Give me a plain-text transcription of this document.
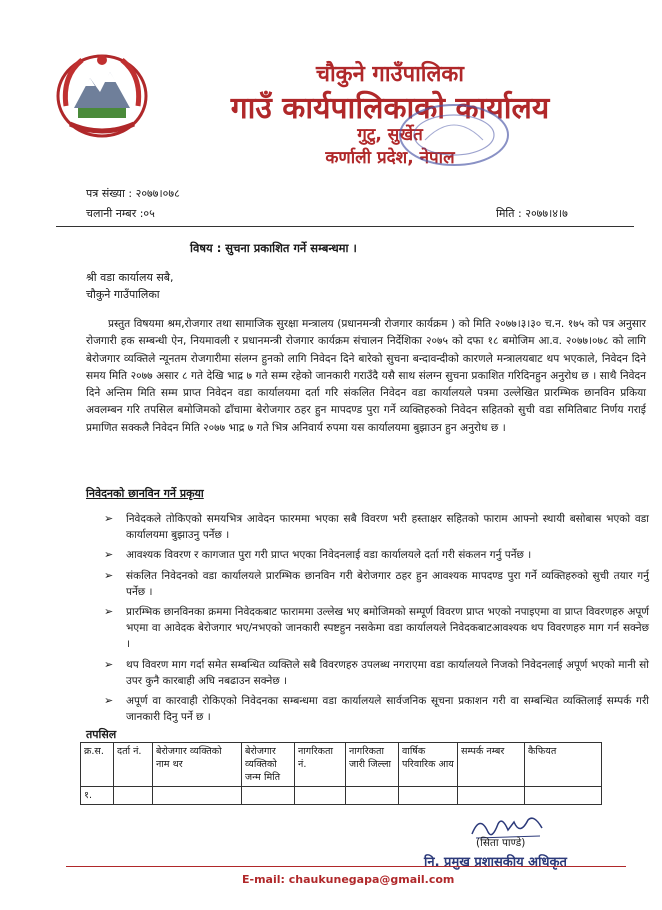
चौकुने गाउँपालिका
गाउँ कार्यपालिकाको कार्यालय
गुटु, सुर्खेत
कर्णाली प्रदेश, नेपाल
पत्र संख्या : २०७७।०७८
चलानी नम्बर :०५	मिति : २०७७।४।७
विषय : सुचना प्रकाशित गर्ने सम्बन्धमा ।
श्री वडा कार्यालय सबै,
चौकुने गाउँपालिका
प्रस्तुत विषयमा श्रम,रोजगार तथा सामाजिक सुरक्षा मन्त्रालय (प्रधानमन्त्री रोजगार कार्यक्रम ) को मिति २०७७।३।३० च.न. १७५ को पत्र अनुसार रोजगारी हक सम्बन्धी ऐन, नियमावली र प्रधानमन्त्री रोजगार कार्यक्रम संचालन निर्देशिका २०७५ को दफा १८ बमोजिम आ.व. २०७७।०७८ को लागि बेरोजगार व्यक्तिले न्यूनतम रोजगारीमा संलग्न हुनको लागि निवेदन दिने बारेको सुचना बन्दावन्दीको कारणले मन्त्रालयबाट थप भएकाले, निवेदन दिने समय मिति २०७७ असार ८ गते देखि भाद्र ७ गते सम्म रहेको जानकारी गराउँदै यसै साथ संलग्न सुचना प्रकाशित गरिदिनहुन अनुरोध छ । साथै निवेदन दिने अन्तिम मिति सम्म प्राप्त निवेदन वडा कार्यालयमा दर्ता गरि संकलित निवेदन वडा कार्यालयले पत्रमा उल्लेखित प्रारम्भिक छानविन प्रकिया अवलम्बन गरि तपसिल बमोजिमको ढाँचामा बेरोजगार ठहर हुन मापदण्ड पुरा गर्ने व्यक्तिहरुको निवेदन सहितको सुची वडा समितिबाट निर्णय गराई प्रमाणित सक्कलै निवेदन मिति २०७७ भाद्र ७ गते भित्र अनिवार्य रुपमा यस कार्यालयमा बुझाउन हुन अनुरोध छ ।
निवेदनको छानविन गर्ने प्रकृया
➢ निवेदकले तोकिएको समयभित्र आवेदन फारममा भएका सबै विवरण भरी हस्ताक्षर सहितको फाराम आफ्नो स्थायी बसोबास भएको वडा कार्यालयमा बुझाउनु पर्नेछ ।
➢ आवश्यक विवरण र कागजात पुरा गरी प्राप्त भएका निवेदनलाई वडा कार्यालयले दर्ता गरी संकलन गर्नु पर्नेछ ।
➢ संकलित निवेदनको वडा कार्यालयले प्रारम्भिक छानविन गरी बेरोजगार ठहर हुन आवश्यक मापदण्ड पुरा गर्ने व्यक्तिहरुको सुची तयार गर्नु पर्नेछ ।
➢ प्रारम्भिक छानविनका क्रममा निवेदकबाट फाराममा उल्लेख भए बमोजिमको सम्पूर्ण विवरण प्राप्त भएको नपाइएमा वा प्राप्त विवरणहरु अपूर्ण भएमा वा आवेदक बेरोजगार भए/नभएको जानकारी स्पष्टहुन नसकेमा वडा कार्यालयले निवेदकबाटआवश्यक थप विवरणहरु माग गर्न सक्नेछ ।
➢ थप विवरण माग गर्दा समेत सम्बन्धित व्यक्तिले सबै विवरणहरु उपलब्ध नगराएमा वडा कार्यालयले निजको निवेदनलाई अपूर्ण भएको मानी सो उपर कुनै कारबाही अघि नबढाउन सक्नेछ ।
➢ अपूर्ण वा कारवाही रोकिएको निवेदनका सम्बन्धमा वडा कार्यालयले सार्वजनिक सूचना प्रकाशन गरी वा सम्बन्धित व्यक्तिलाई सम्पर्क गरी जानकारी दिनु पर्ने छ ।
तपसिल
क्र.स.	दर्ता नं.	बेरोजगार व्यक्तिको नाम थर	बेरोजगार व्यक्तिको जन्म मिति	नागरिकता नं.	नागरिकता जारी जिल्ला	वार्षिक परिवारिक आय	सम्पर्क नम्बर	कैफियत
१.								
(सिता पाण्डे)
नि. प्रमुख प्रशासकीय अधिकृत
E-mail: chaukunegapa@gmail.com
